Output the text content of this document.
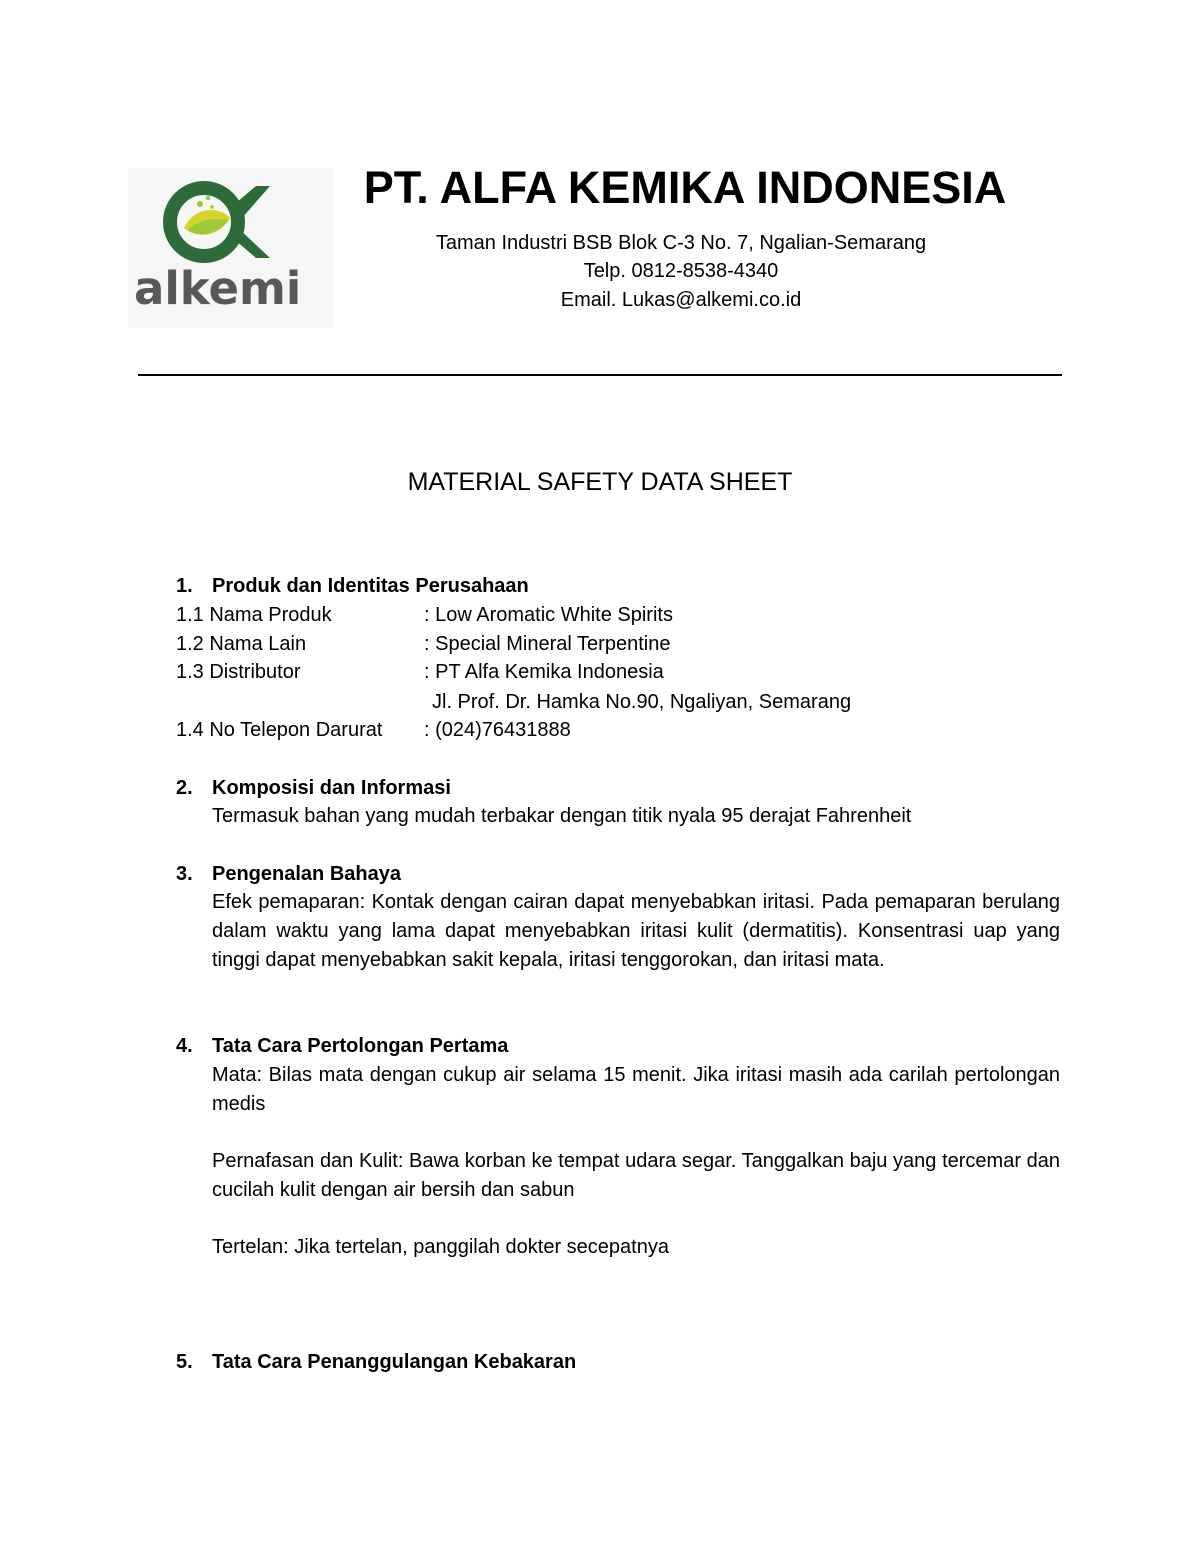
alkemi
PT. ALFA KEMIKA INDONESIA
Taman Industri BSB Blok C-3 No. 7, Ngalian-Semarang
Telp. 0812-8538-4340
Email. Lukas@alkemi.co.id
MATERIAL SAFETY DATA SHEET
1. Produk dan Identitas Perusahaan
1.1 Nama Produk	: Low Aromatic White Spirits
1.2 Nama Lain	: Special Mineral Terpentine
1.3 Distributor	: PT Alfa Kemika Indonesia
Jl. Prof. Dr. Hamka No.90, Ngaliyan, Semarang
1.4 No Telepon Darurat : (024)76431888
2. Komposisi dan Informasi
Termasuk bahan yang mudah terbakar dengan titik nyala 95 derajat Fahrenheit
3. Pengenalan Bahaya
Efek pemaparan: Kontak dengan cairan dapat menyebabkan iritasi. Pada pemaparan berulang dalam waktu yang lama dapat menyebabkan iritasi kulit (dermatitis). Konsentrasi uap yang tinggi dapat menyebabkan sakit kepala, iritasi tenggorokan, dan iritasi mata.
4. Tata Cara Pertolongan Pertama
Mata: Bilas mata dengan cukup air selama 15 menit. Jika iritasi masih ada carilah pertolongan medis
Pernafasan dan Kulit: Bawa korban ke tempat udara segar. Tanggalkan baju yang tercemar dan cucilah kulit dengan air bersih dan sabun
Tertelan: Jika tertelan, panggilah dokter secepatnya
5. Tata Cara Penanggulangan Kebakaran
